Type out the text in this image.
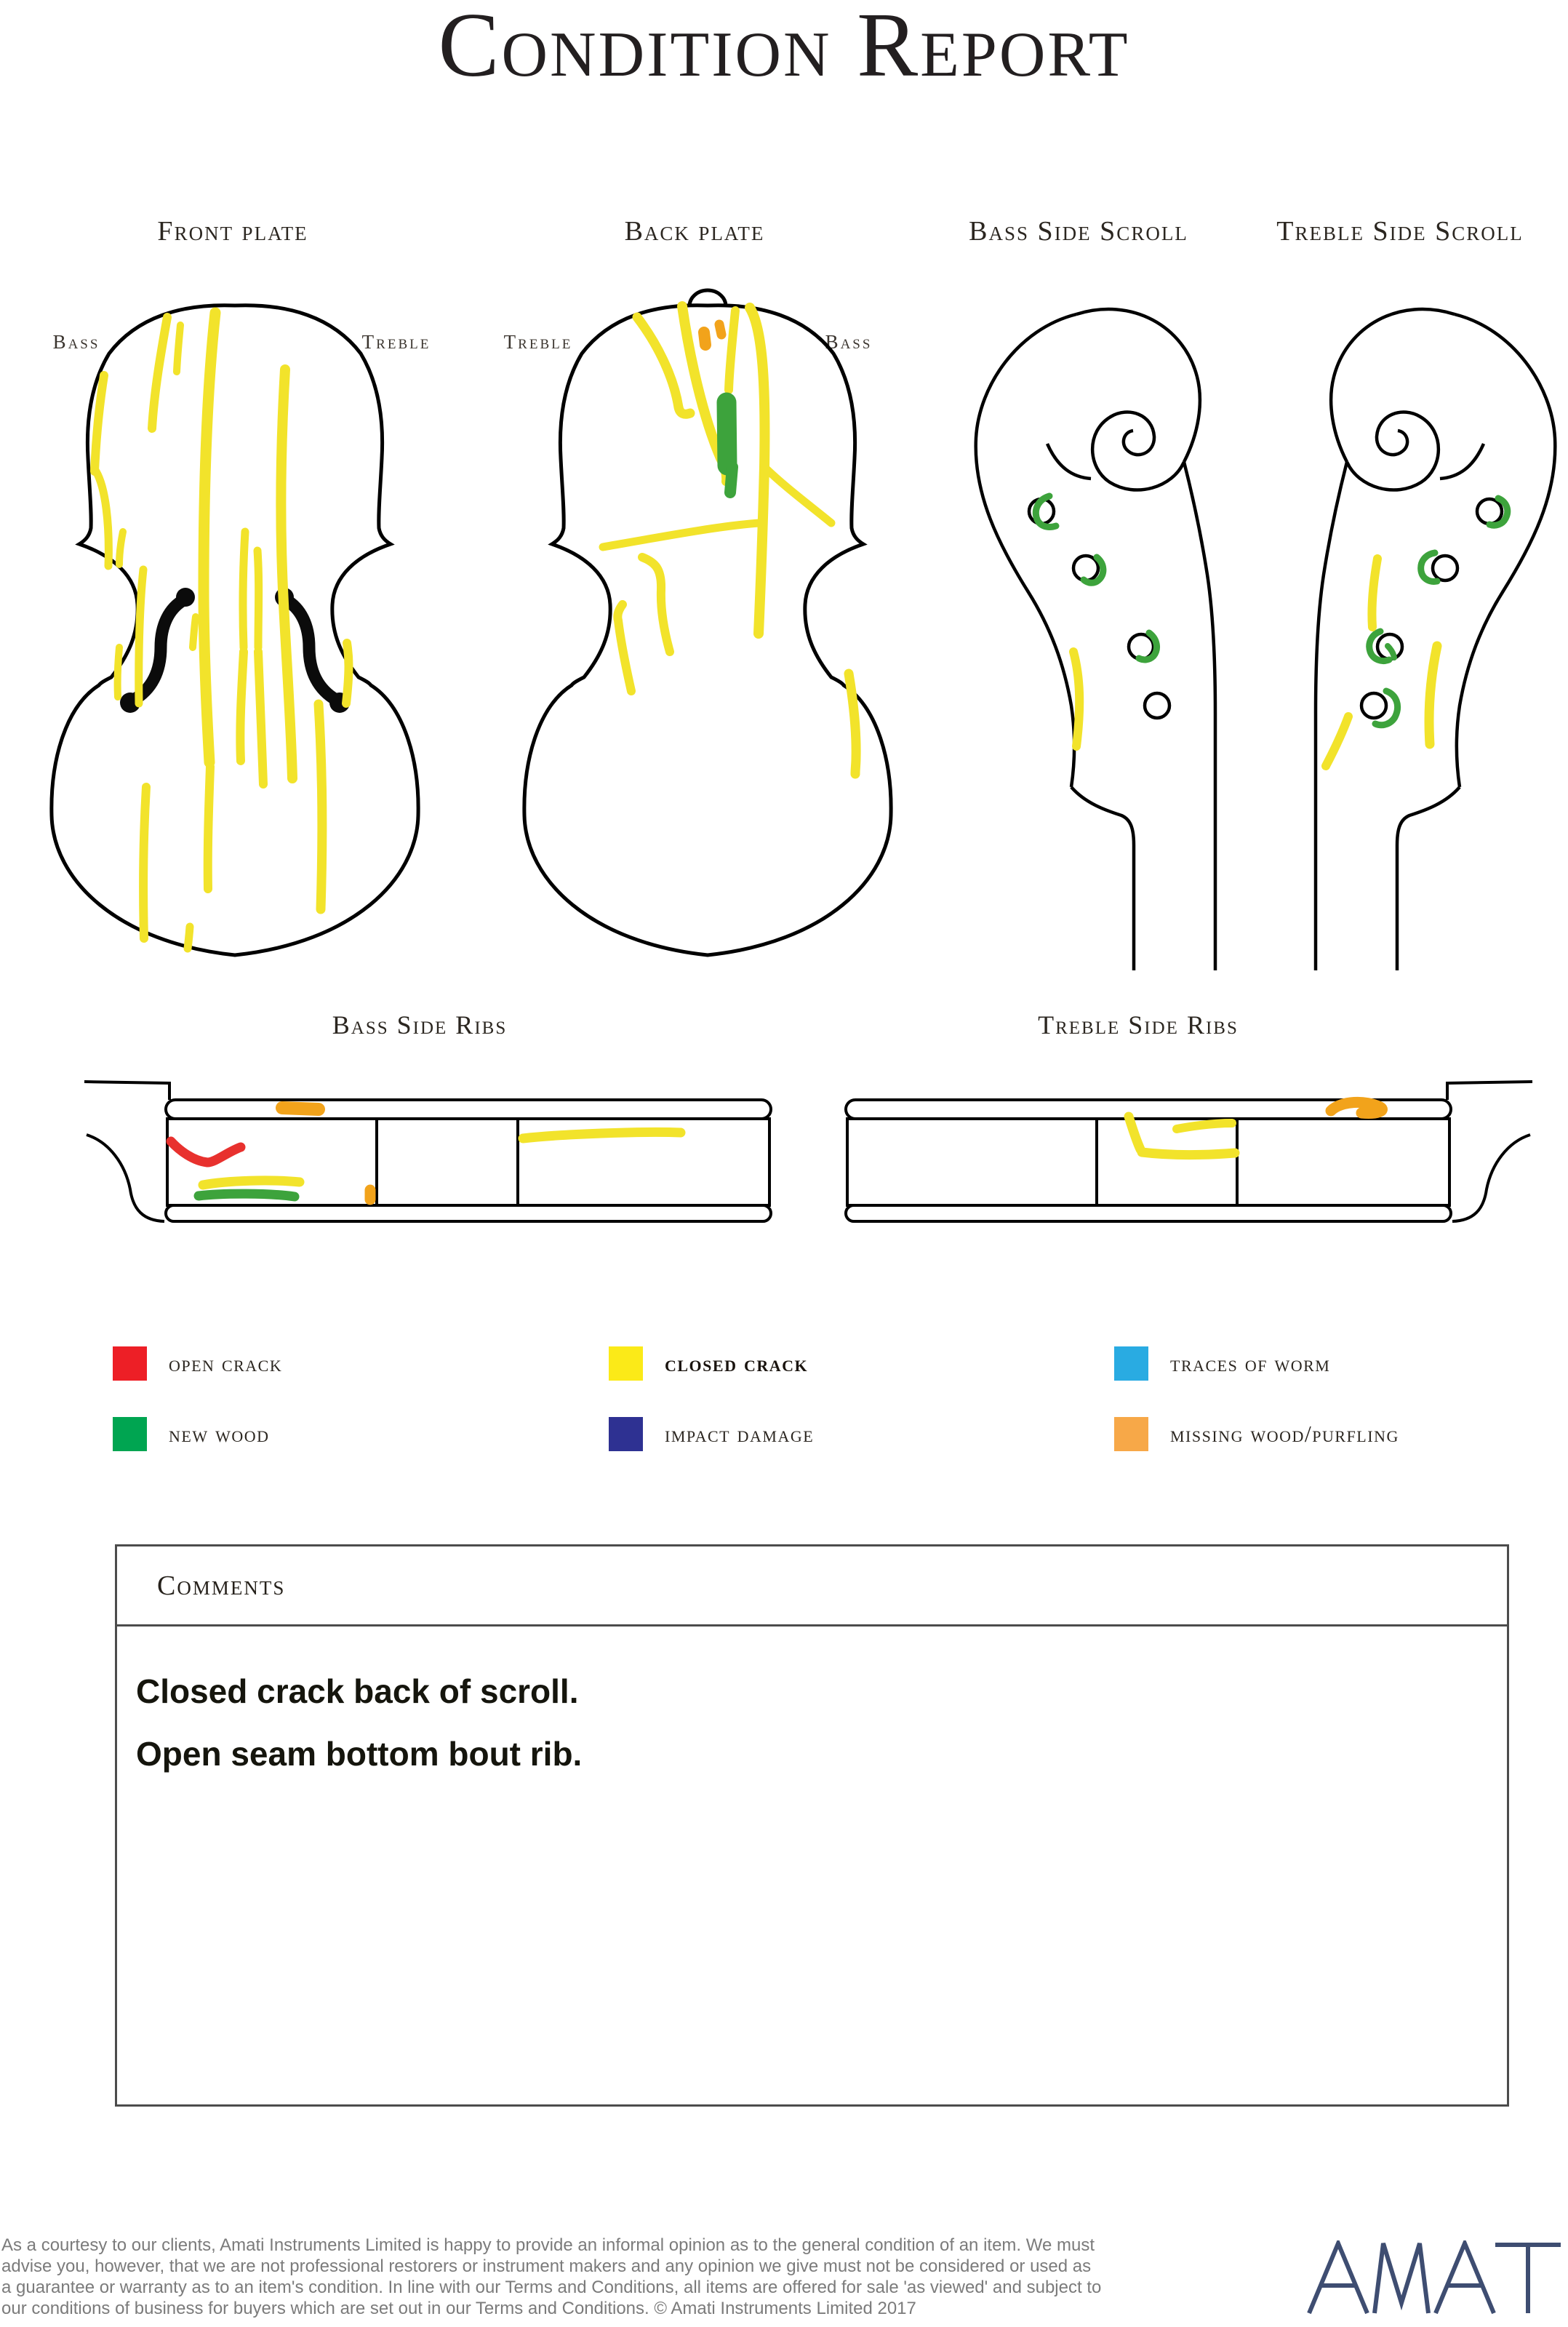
Condition Report
Front plate	Back plate	Bass Side Scroll	Treble Side Scroll
Bass	Treble	Treble	Bass
Bass Side Ribs	Treble Side Ribs
open crack	closed crack	traces of worm
new wood	impact damage	missing wood/purfling
Comments
Closed crack back of scroll.
Open seam bottom bout rib.
As a courtesy to our clients, Amati Instruments Limited is happy to provide an informal opinion as to the general condition of an item. We must
advise you, however, that we are not professional restorers or instrument makers and any opinion we give must not be considered or used as
a guarantee or warranty as to an item's condition. In line with our Terms and Conditions, all items are offered for sale 'as viewed' and subject to
our conditions of business for buyers which are set out in our Terms and Conditions. © Amati Instruments Limited 2017
